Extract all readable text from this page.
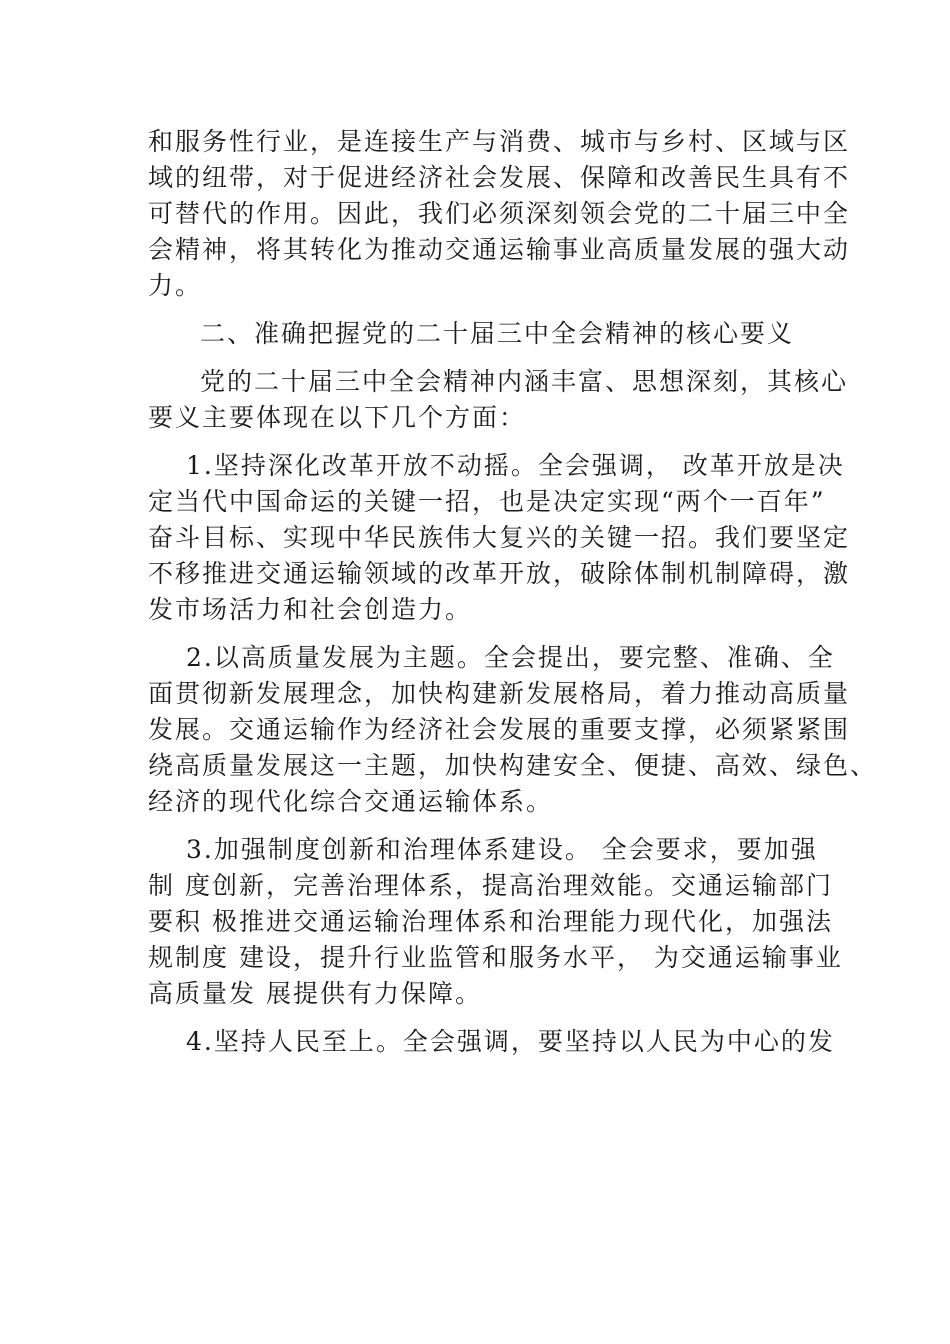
和服务性行业，是连接生产与消费、城市与乡村、区域与区
域的纽带，对于促进经济社会发展、保障和改善民生具有不
可替代的作用。因此，我们必须深刻领会党的二十届三中全
会精神，将其转化为推动交通运输事业高质量发展的强大动
力。
二、准确把握党的二十届三中全会精神的核心要义
党的二十届三中全会精神内涵丰富、思想深刻，其核心
要义主要体现在以下几个方面：
1.坚持深化改革开放不动摇。全会强调， 改革开放是决
定当代中国命运的关键一招，也是决定实现“两个一百年”
奋斗目标、实现中华民族伟大复兴的关键一招。我们要坚定
不移推进交通运输领域的改革开放，破除体制机制障碍，激
发市场活力和社会创造力。
2.以高质量发展为主题。全会提出，要完整、准确、全
面贯彻新发展理念，加快构建新发展格局，着力推动高质量
发展。交通运输作为经济社会发展的重要支撑，必须紧紧围
绕高质量发展这一主题，加快构建安全、便捷、高效、绿色、
经济的现代化综合交通运输体系。
3.加强制度创新和治理体系建设。 全会要求，要加强
制 度创新，完善治理体系，提高治理效能。交通运输部门
要积 极推进交通运输治理体系和治理能力现代化，加强法
规制度 建设，提升行业监管和服务水平， 为交通运输事业
高质量发 展提供有力保障。
4.坚持人民至上。全会强调，要坚持以人民为中心的发
